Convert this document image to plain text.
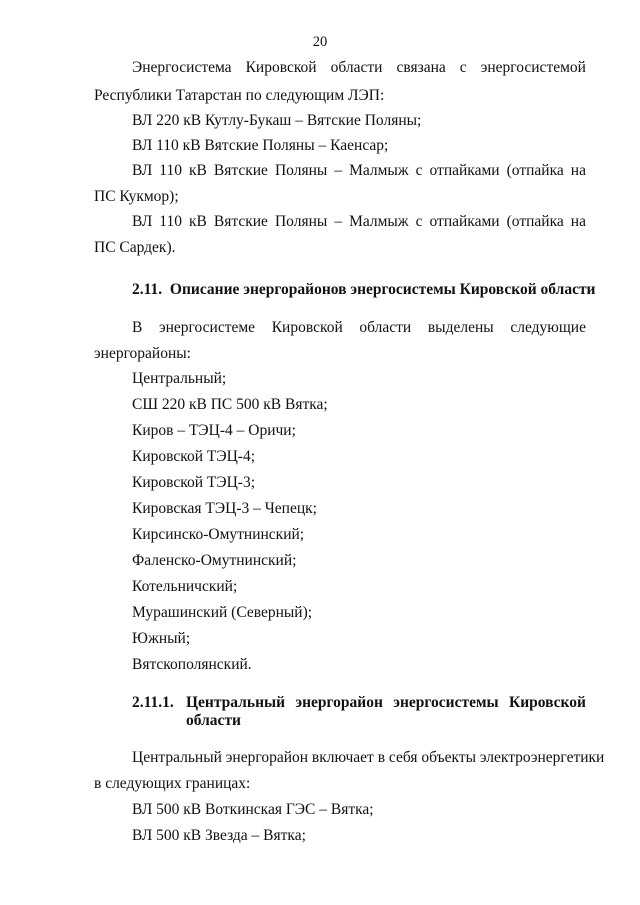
20
Энергосистема Кировской области связана с энергосистемой
Республики Татарстан по следующим ЛЭП:
ВЛ 220 кВ Кутлу-Букаш – Вятские Поляны;
ВЛ 110 кВ Вятские Поляны – Каенсар;
ВЛ 110 кВ Вятские Поляны – Малмыж с отпайками (отпайка на
ПС Кукмор);
ВЛ 110 кВ Вятские Поляны – Малмыж с отпайками (отпайка на
ПС Сардек).
2.11. Описание энергорайонов энергосистемы Кировской области
В энергосистеме Кировской области выделены следующие
энергорайоны:
Центральный;
СШ 220 кВ ПС 500 кВ Вятка;
Киров – ТЭЦ-4 – Оричи;
Кировской ТЭЦ-4;
Кировской ТЭЦ-3;
Кировская ТЭЦ-3 – Чепецк;
Кирсинско-Омутнинский;
Фаленско-Омутнинский;
Котельничский;
Мурашинский (Северный);
Южный;
Вятскополянский.
2.11.1. Центральный энергорайон энергосистемы Кировской
области
Центральный энергорайон включает в себя объекты электроэнергетики
в следующих границах:
ВЛ 500 кВ Воткинская ГЭС – Вятка;
ВЛ 500 кВ Звезда – Вятка;
